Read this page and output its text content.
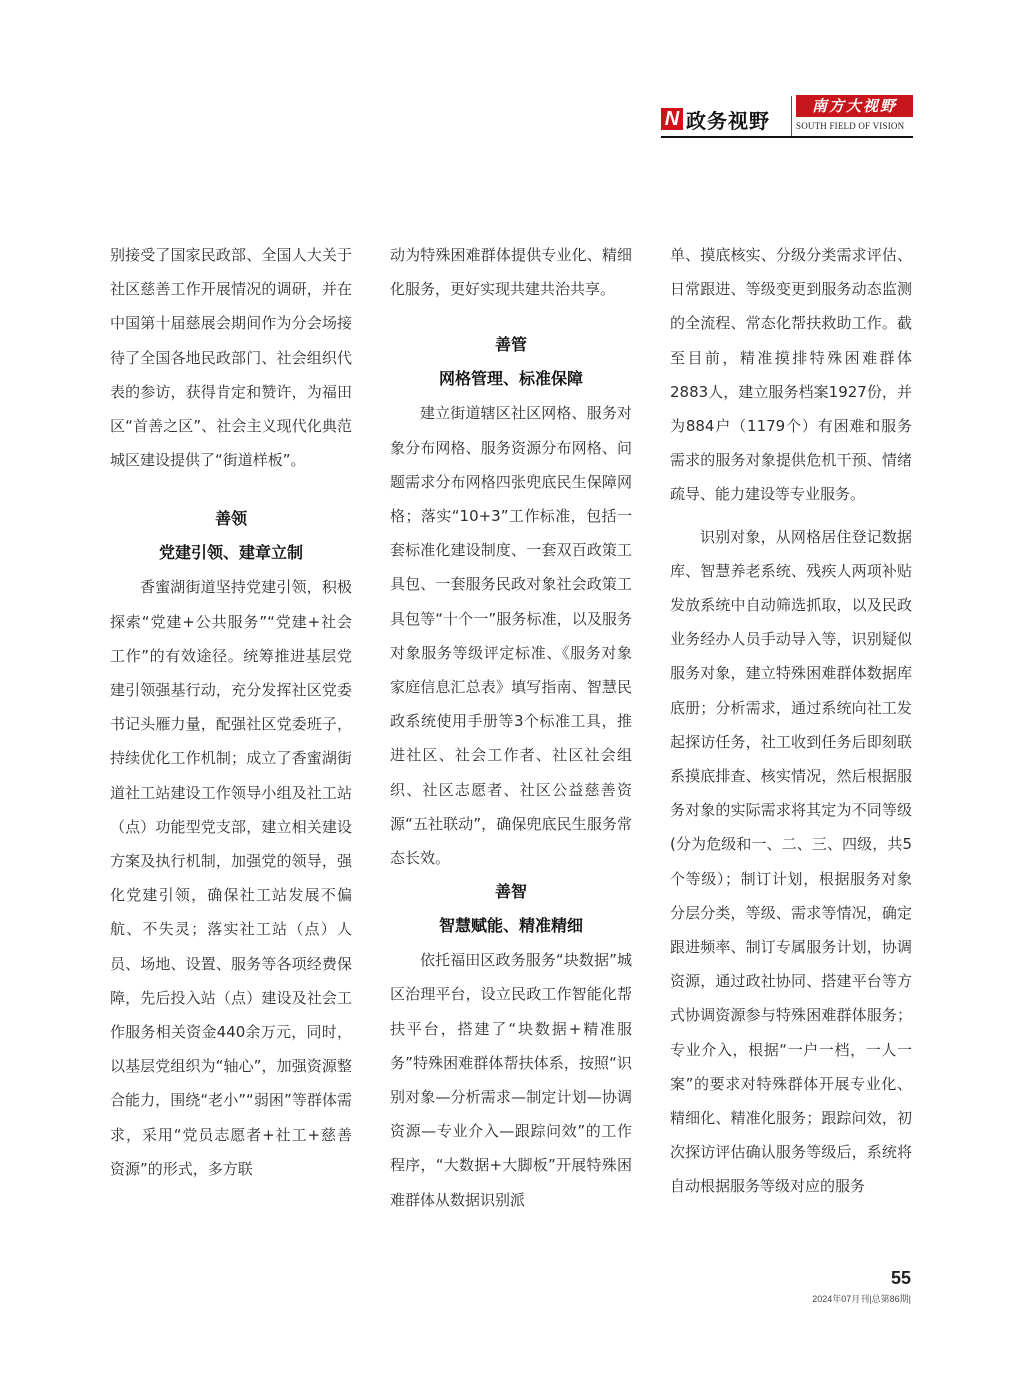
N 政务视野
南方大视野
SOUTH FIELD OF VISION

别接受了国家民政部、全国人大关于社区慈善工作开展情况的调研，并在中国第十届慈展会期间作为分会场接待了全国各地民政部门、社会组织代表的参访，获得肯定和赞许，为福田区“首善之区”、社会主义现代化典范城区建设提供了“街道样板”。

善领
党建引领、建章立制

香蜜湖街道坚持党建引领，积极探索“党建+公共服务”“党建+社会工作”的有效途径。统筹推进基层党建引领强基行动，充分发挥社区党委书记头雁力量，配强社区党委班子，持续优化工作机制；成立了香蜜湖街道社工站建设工作领导小组及社工站（点）功能型党支部，建立相关建设方案及执行机制，加强党的领导，强化党建引领，确保社工站发展不偏航、不失灵；落实社工站（点）人员、场地、设置、服务等各项经费保障，先后投入站（点）建设及社会工作服务相关资金440余万元，同时，以基层党组织为“轴心”，加强资源整合能力，围绕“老小”“弱困”等群体需求，采用“党员志愿者+社工+慈善资源”的形式，多方联

动为特殊困难群体提供专业化、精细化服务，更好实现共建共治共享。

善管
网格管理、标准保障

建立街道辖区社区网格、服务对象分布网格、服务资源分布网格、问题需求分布网格四张兜底民生保障网格；落实“10+3”工作标准，包括一套标准化建设制度、一套双百政策工具包、一套服务民政对象社会政策工具包等“十个一”服务标准，以及服务对象服务等级评定标准、《服务对象家庭信息汇总表》填写指南、智慧民政系统使用手册等3个标准工具，推进社区、社会工作者、社区社会组织、社区志愿者、社区公益慈善资源“五社联动”，确保兜底民生服务常态长效。

善智
智慧赋能、精准精细

依托福田区政务服务“块数据”城区治理平台，设立民政工作智能化帮扶平台，搭建了“块数据+精准服务”特殊困难群体帮扶体系，按照“识别对象—分析需求—制定计划—协调资源—专业介入—跟踪问效”的工作程序，“大数据+大脚板”开展特殊困难群体从数据识别派

单、摸底核实、分级分类需求评估、日常跟进、等级变更到服务动态监测的全流程、常态化帮扶救助工作。截至目前，精准摸排特殊困难群体2883人，建立服务档案1927份，并为884户（1179个）有困难和服务需求的服务对象提供危机干预、情绪疏导、能力建设等专业服务。

识别对象，从网格居住登记数据库、智慧养老系统、残疾人两项补贴发放系统中自动筛选抓取，以及民政业务经办人员手动导入等，识别疑似服务对象，建立特殊困难群体数据库底册；分析需求，通过系统向社工发起探访任务，社工收到任务后即刻联系摸底排查、核实情况，然后根据服务对象的实际需求将其定为不同等级(分为危级和一、二、三、四级，共5个等级）；制订计划，根据服务对象分层分类，等级、需求等情况，确定跟进频率、制订专属服务计划，协调资源，通过政社协同、搭建平台等方式协调资源参与特殊困难群体服务；专业介入，根据“一户一档，一人一案”的要求对特殊群体开展专业化、精细化、精准化服务；跟踪问效，初次探访评估确认服务等级后，系统将自动根据服务等级对应的服务

55
2024年07月刊|总第86期|
